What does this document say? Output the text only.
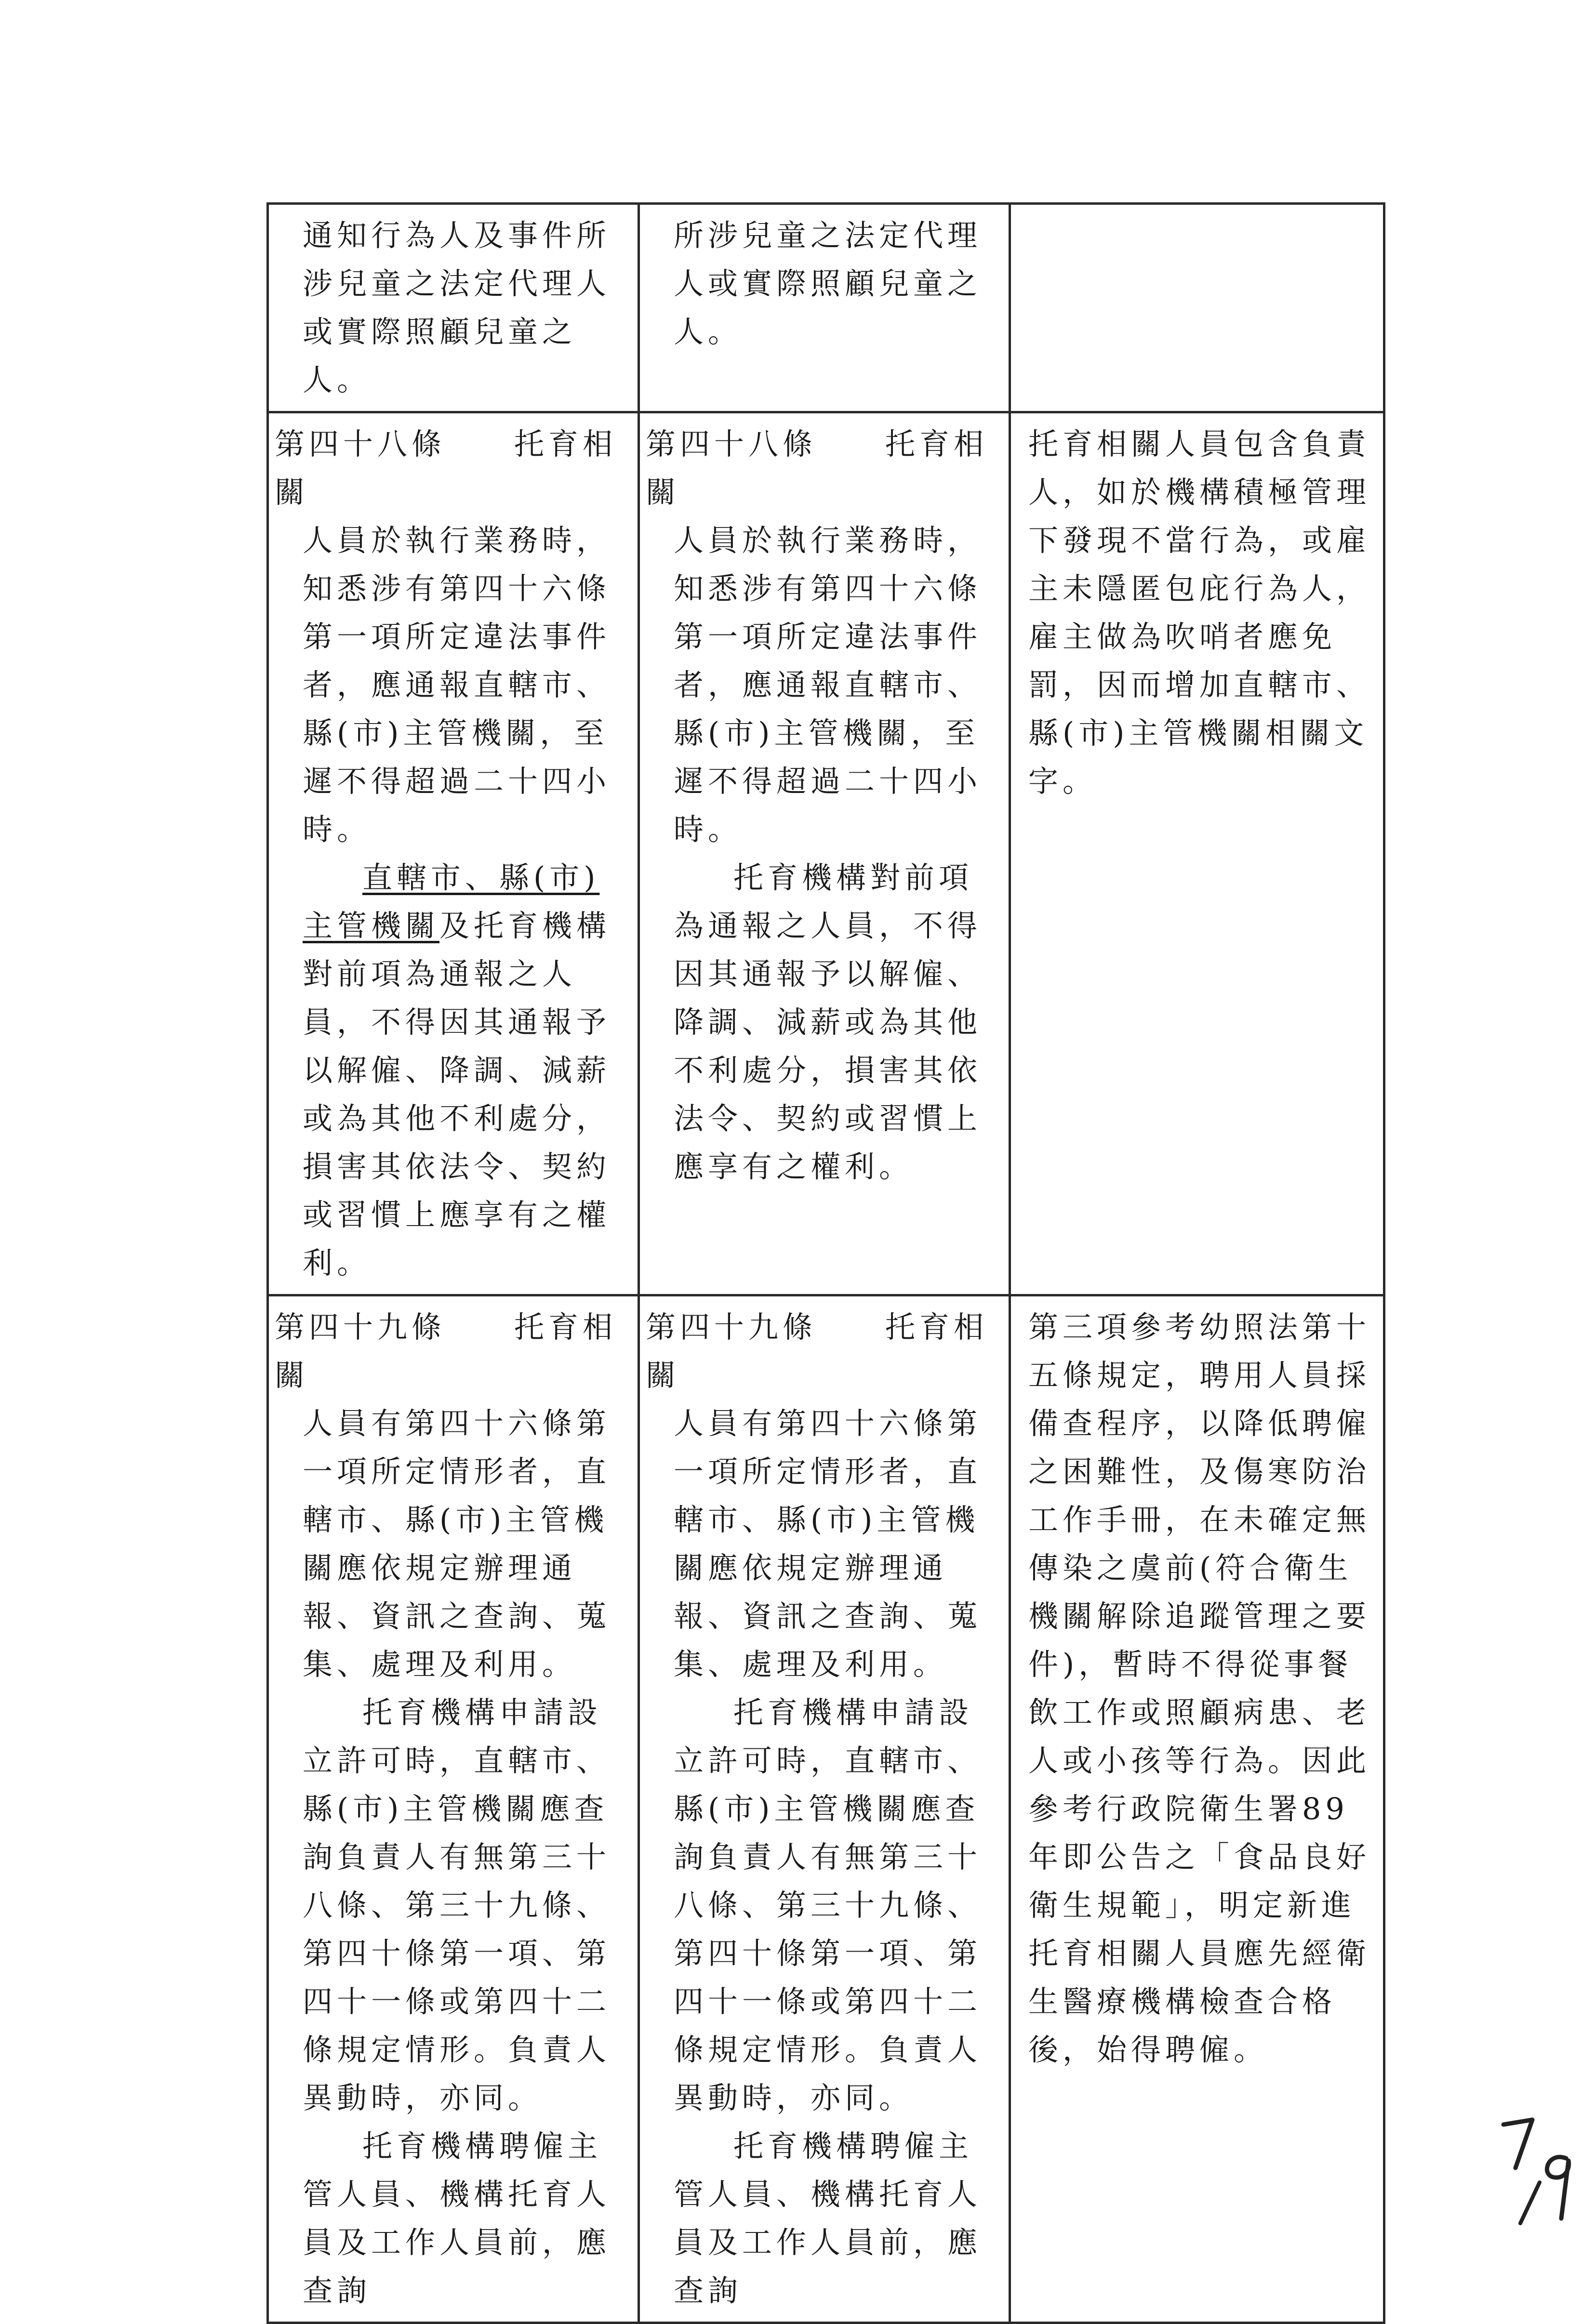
通知行為人及事件所涉兒童之法定代理人或實際照顧兒童之人。	所涉兒童之法定代理人或實際照顧兒童之人。	

第四十八條　　托育相關
人員於執行業務時，知悉涉有第四十六條第一項所定違法事件者，應通報直轄市、縣(市)主管機關，至遲不得超過二十四小時。
直轄市、縣(市)主管機關及托育機構對前項為通報之人員，不得因其通報予以解僱、降調、減薪或為其他不利處分，損害其依法令、契約或習慣上應享有之權利。	第四十八條　　托育相關
人員於執行業務時，知悉涉有第四十六條第一項所定違法事件者，應通報直轄市、縣(市)主管機關，至遲不得超過二十四小時。
托育機構對前項為通報之人員，不得因其通報予以解僱、降調、減薪或為其他不利處分，損害其依法令、契約或習慣上應享有之權利。	托育相關人員包含負責人，如於機構積極管理下發現不當行為，或雇主未隱匿包庇行為人，雇主做為吹哨者應免罰，因而增加直轄市、縣(市)主管機關相關文字。

第四十九條　　托育相關
人員有第四十六條第一項所定情形者，直轄市、縣(市)主管機關應依規定辦理通報、資訊之查詢、蒐集、處理及利用。
托育機構申請設立許可時，直轄市、縣(市)主管機關應查詢負責人有無第三十八條、第三十九條、第四十條第一項、第四十一條或第四十二條規定情形。負責人異動時，亦同。
托育機構聘僱主管人員、機構托育人員及工作人員前，應查詢	第四十九條　　托育相關
人員有第四十六條第一項所定情形者，直轄市、縣(市)主管機關應依規定辦理通報、資訊之查詢、蒐集、處理及利用。
托育機構申請設立許可時，直轄市、縣(市)主管機關應查詢負責人有無第三十八條、第三十九條、第四十條第一項、第四十一條或第四十二條規定情形。負責人異動時，亦同。
托育機構聘僱主管人員、機構托育人員及工作人員前，應查詢	第三項參考幼照法第十五條規定，聘用人員採備查程序，以降低聘僱之困難性，及傷寒防治工作手冊，在未確定無傳染之虞前(符合衛生機關解除追蹤管理之要件)，暫時不得從事餐飲工作或照顧病患、老人或小孩等行為。因此參考行政院衛生署89年即公告之「食品良好衛生規範」，明定新進托育相關人員應先經衛生醫療機構檢查合格後，始得聘僱。
